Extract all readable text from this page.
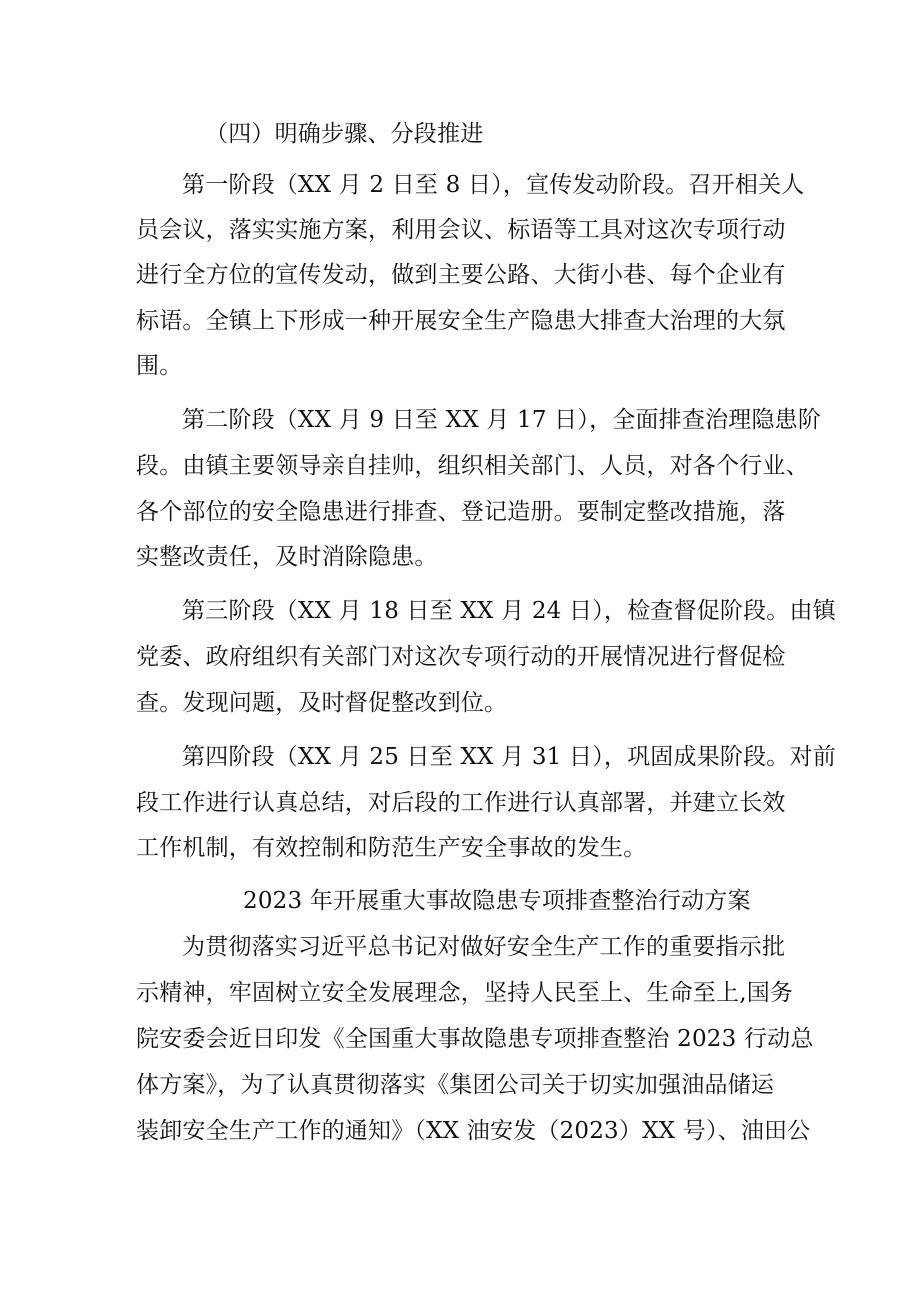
（四）明确步骤、分段推进
第一阶段（XX 月 2 日至 8 日），宣传发动阶段。召开相关人
员会议，落实实施方案，利用会议、标语等工具对这次专项行动
进行全方位的宣传发动，做到主要公路、大街小巷、每个企业有
标语。全镇上下形成一种开展安全生产隐患大排查大治理的大氛
围。
第二阶段（XX 月 9 日至 XX 月 17 日），全面排查治理隐患阶
段。由镇主要领导亲自挂帅，组织相关部门、人员，对各个行业、
各个部位的安全隐患进行排查、登记造册。要制定整改措施，落
实整改责任，及时消除隐患。
第三阶段（XX 月 18 日至 XX 月 24 日），检查督促阶段。由镇
党委、政府组织有关部门对这次专项行动的开展情况进行督促检
查。发现问题，及时督促整改到位。
第四阶段（XX 月 25 日至 XX 月 31 日），巩固成果阶段。对前
段工作进行认真总结，对后段的工作进行认真部署，并建立长效
工作机制，有效控制和防范生产安全事故的发生。
2023 年开展重大事故隐患专项排查整治行动方案
为贯彻落实习近平总书记对做好安全生产工作的重要指示批
示精神，牢固树立安全发展理念，坚持人民至上、生命至上,国务
院安委会近日印发《全国重大事故隐患专项排查整治 2023 行动总
体方案》，为了认真贯彻落实《集团公司关于切实加强油品储运
装卸安全生产工作的通知》（XX 油安发（2023）XX 号）、油田公
